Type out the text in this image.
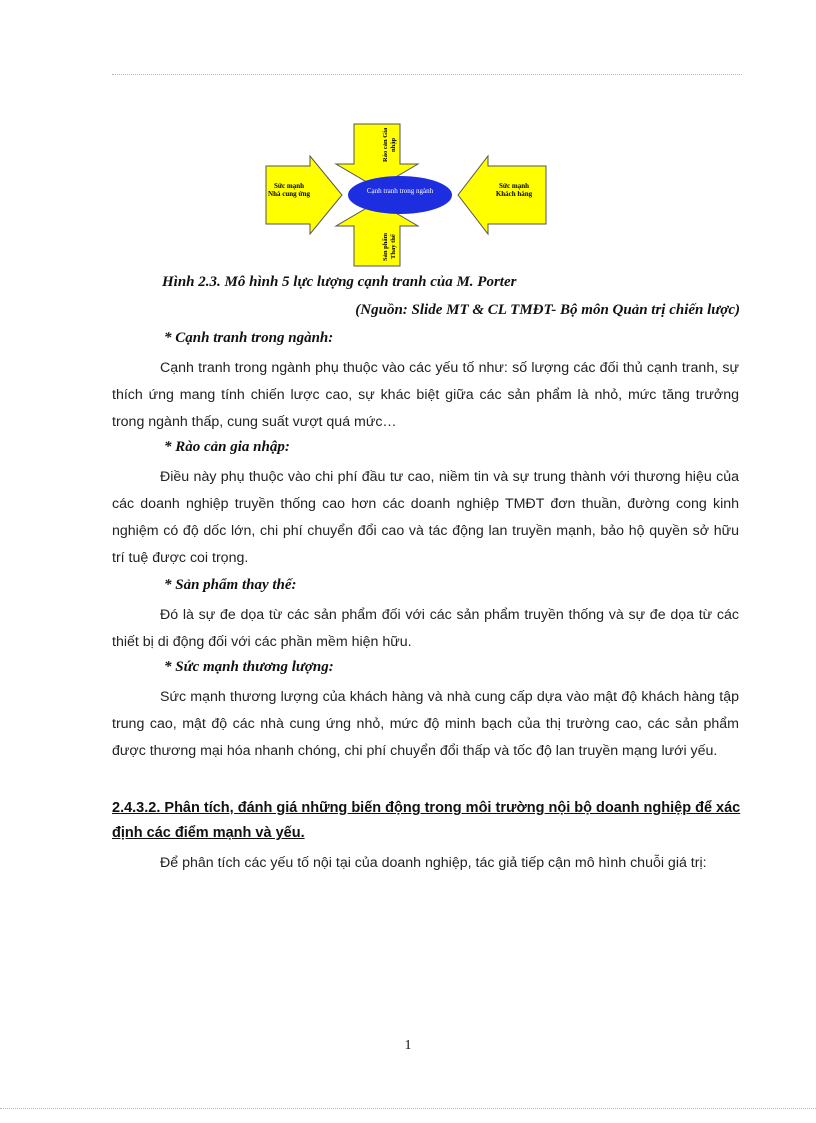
Cạnh tranh trong ngành
Rào cản Gia nhập
Sản phẩm Thay thế
Sức mạnh Nhà cung ứng
Sức mạnh Khách hàng
Hình 2.3. Mô hình 5 lực lượng cạnh tranh của M. Porter
(Nguồn: Slide MT & CL TMĐT- Bộ môn Quản trị chiến lược)
* Cạnh tranh trong ngành:
Cạnh tranh trong ngành phụ thuộc vào các yếu tố như: số lượng các đối thủ cạnh tranh, sự thích ứng mang tính chiến lược cao, sự khác biệt giữa các sản phẩm là nhỏ, mức tăng trưởng trong ngành thấp, cung suất vượt quá mức…
* Rào cản gia nhập:
Điều này phụ thuộc vào chi phí đầu tư cao, niềm tin và sự trung thành với thương hiệu của các doanh nghiệp truyền thống cao hơn các doanh nghiệp TMĐT đơn thuần, đường cong kinh nghiệm có độ dốc lớn, chi phí chuyển đổi cao và tác động lan truyền mạnh, bảo hộ quyền sở hữu trí tuệ được coi trọng.
* Sản phẩm thay thế:
Đó là sự đe dọa từ các sản phẩm đối với các sản phẩm truyền thống và sự đe dọa từ các thiết bị di động đối với các phần mềm hiện hữu.
* Sức mạnh thương lượng:
Sức mạnh thương lượng của khách hàng và nhà cung cấp dựa vào mật độ khách hàng tập trung cao, mật độ các nhà cung ứng nhỏ, mức độ minh bạch của thị trường cao, các sản phẩm được thương mại hóa nhanh chóng, chi phí chuyển đổi thấp và tốc độ lan truyền mạng lưới yếu.
2.4.3.2. Phân tích, đánh giá những biến động trong môi trường nội bộ doanh nghiệp để xác định các điểm mạnh và yếu.
Để phân tích các yếu tố nội tại của doanh nghiệp, tác giả tiếp cận mô hình chuỗi giá trị:
1
